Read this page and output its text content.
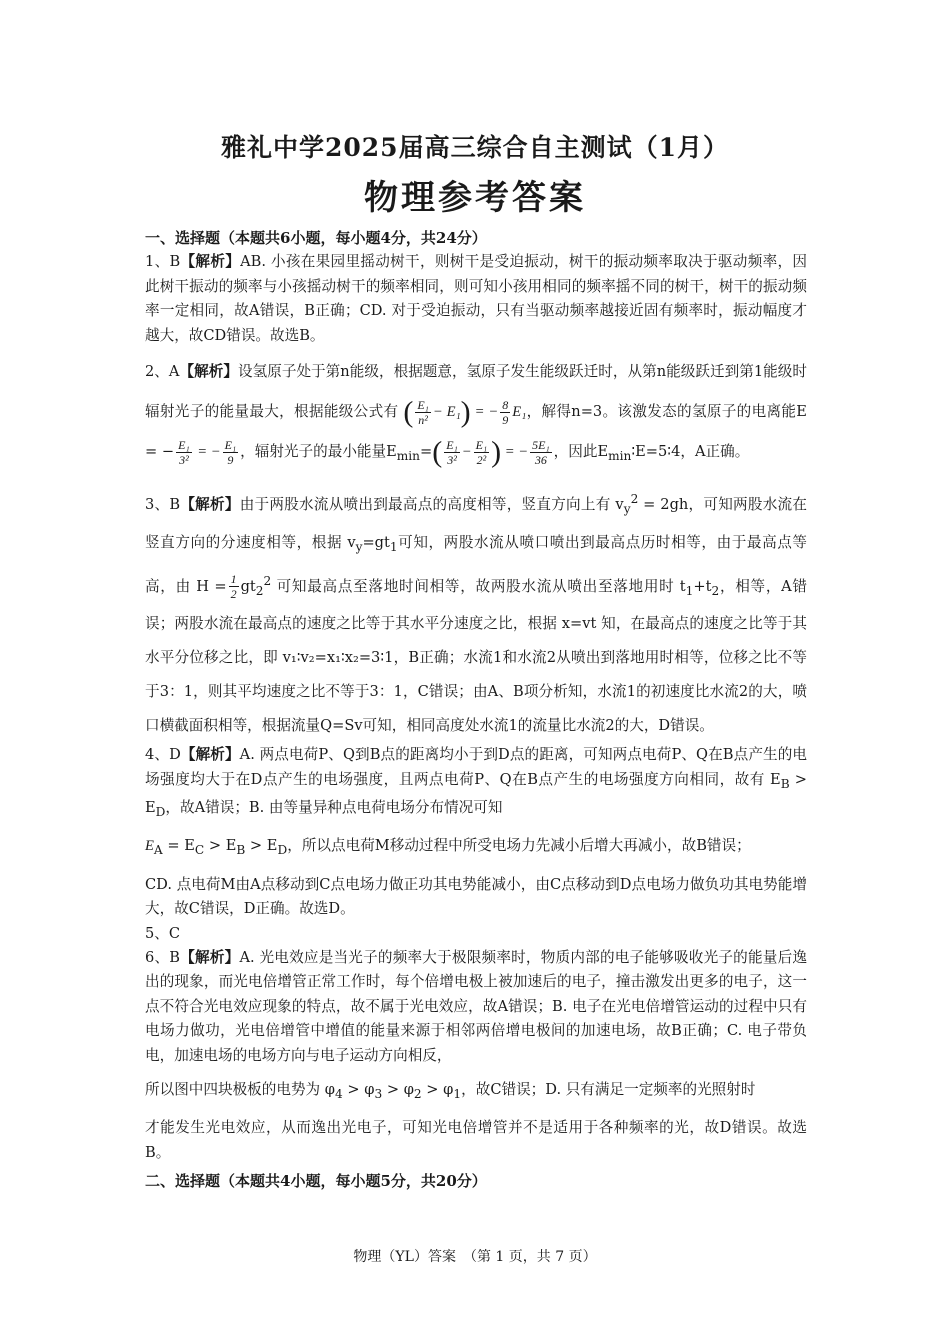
雅礼中学2025届高三综合自主测试（1月）
物理参考答案

一、选择题（本题共6小题，每小题4分，共24分）

1、B【解析】AB. 小孩在果园里摇动树干，则树干是受迫振动，树干的振动频率取决于驱动频率，因此树干振动的频率与小孩摇动树干的频率相同，则可知小孩用相同的频率摇不同的树干，树干的振动频率一定相同，故A错误，B正确；CD. 对于受迫振动，只有当驱动频率越接近固有频率时，振动幅度才越大，故CD错误。故选B。

2、A【解析】设氢原子处于第n能级，根据题意，氢原子发生能级跃迁时，从第n能级跃迁到第1能级时辐射光子的能量最大，根据能级公式有 ( $\frac{\text{E₁}}{\text{n²}} - E_1$) = − $\frac{8}{9} E_1$，解得n=3。该激发态的氢原子的电离能E = − $\frac{\text{E₁}}{\text{3²}}$ = − $\frac{\text{E₁}}{9}$ ，辐射光子的最小能量$E_{min}=( \frac{\text{E₁}}{\text{3²}} - \frac{\text{E₁}}{\text{2²}}$ ) = − $\frac{\text{5E₁}}{36}$ ，因此$E_{min}∶E=5∶4$，A正确。

3、B【解析】由于两股水流从喷出到最高点的高度相等，竖直方向上有 $v_y^2 = 2gh$，可知两股水流在竖直方向的分速度相等，根据 $v_y=gt_1$可知，两股水流从喷口喷出到最高点历时相等，由于最高点等高，由 $H = \frac{1}{2} gt_2^2$ 可知最高点至落地时间相等，故两股水流从喷出至落地用时 $t_1+t_2$，相等，A错误；两股水流在最高点的速度之比等于其水平分速度之比，根据 x=vt 知，在最高点的速度之比等于其水平分位移之比，即 v₁∶v₂=x₁∶x₂=3∶1，B正确；水流1和水流2从喷出到落地用时相等，位移之比不等于3：1，则其平均速度之比不等于3：1，C错误；由A、B项分析知，水流1的初速度比水流2的大，喷口横截面积相等，根据流量Q=Sv可知，相同高度处水流1的流量比水流2的大，D错误。

4、D【解析】A. 两点电荷P、Q到B点的距离均小于到D点的距离，可知两点电荷P、Q在B点产生的电场强度均大于在D点产生的电场强度，且两点电荷P、Q在B点产生的电场强度方向相同，故有 $E_B > E_D$，故A错误；B. 由等量异种点电荷电场分布情况可知

$E_A = E_C > E_B > E_D$，所以点电荷M移动过程中所受电场力先减小后增大再减小，故B错误；

CD. 点电荷M由A点移动到C点电场力做正功其电势能减小，由C点移动到D点电场力做负功其电势能增大，故C错误，D正确。故选D。

5、C

6、B【解析】A. 光电效应是当光子的频率大于极限频率时，物质内部的电子能够吸收光子的能量后逸出的现象，而光电倍增管正常工作时，每个倍增电极上被加速后的电子，撞击激发出更多的电子，这一点不符合光电效应现象的特点，故不属于光电效应，故A错误；B. 电子在光电倍增管运动的过程中只有电场力做功，光电倍增管中增值的能量来源于相邻两倍增电极间的加速电场，故B正确；C. 电子带负电，加速电场的电场方向与电子运动方向相反，

所以图中四块极板的电势为 $\varphi_4 > \varphi_3 > \varphi_2 > \varphi_1$，故C错误；D. 只有满足一定频率的光照射时

才能发生光电效应，从而逸出光电子，可知光电倍增管并不是适用于各种频率的光，故D错误。故选B。

二、选择题（本题共4小题，每小题5分，共20分）

物理（YL）答案　（第 1 页，共 7 页）
